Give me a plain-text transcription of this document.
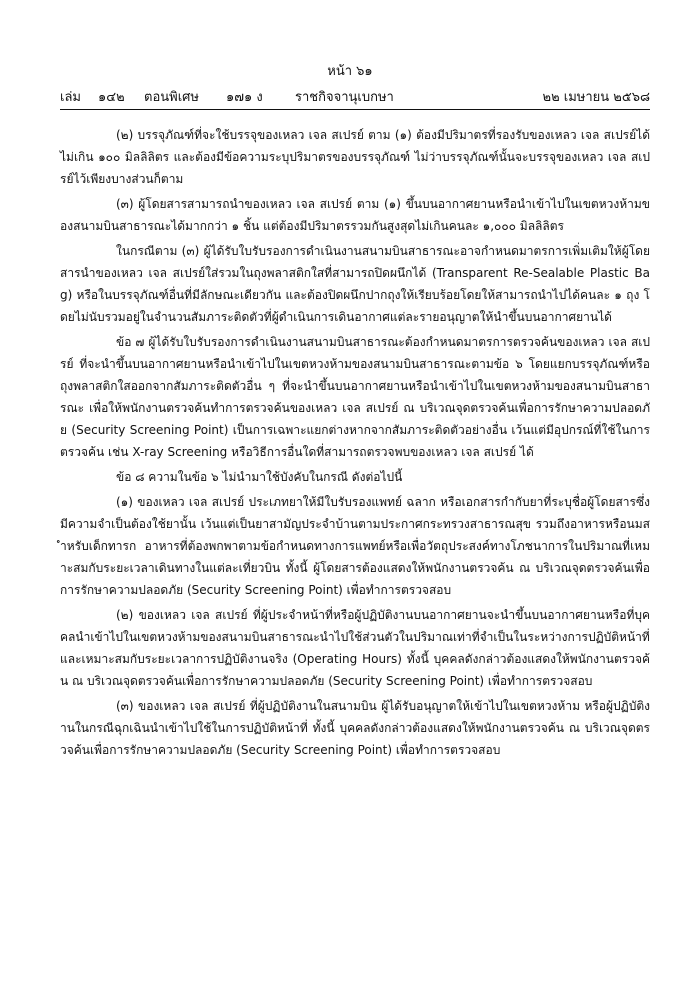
หน้า ๖๑
เล่ม ๑๔๒ ตอนพิเศษ ๑๗๑ ง ราชกิจจานุเบกษา	๒๒ เมษายน ๒๕๖๘

(๒) บรรจุภัณฑ์ที่จะใช้บรรจุของเหลว เจล สเปรย์ ตาม (๑) ต้องมีปริมาตรที่รองรับของเหลว เจล สเปรย์ได้ไม่เกิน ๑๐๐ มิลลิลิตร และต้องมีข้อความระบุปริมาตรของบรรจุภัณฑ์ ไม่ว่าบรรจุภัณฑ์นั้นจะบรรจุของเหลว เจล สเปรย์ไว้เพียงบางส่วนก็ตาม

(๓) ผู้โดยสารสามารถนำของเหลว เจล สเปรย์ ตาม (๑) ขึ้นบนอากาศยานหรือนำเข้าไปในเขตหวงห้ามของสนามบินสาธารณะได้มากกว่า ๑ ชิ้น แต่ต้องมีปริมาตรรวมกันสูงสุดไม่เกินคนละ ๑,๐๐๐ มิลลิลิตร

ในกรณีตาม (๓) ผู้ได้รับใบรับรองการดำเนินงานสนามบินสาธารณะอาจกำหนดมาตรการเพิ่มเติมให้ผู้โดยสารนำของเหลว เจล สเปรย์ใส่รวมในถุงพลาสติกใสที่สามารถปิดผนึกได้ (Transparent Re-Sealable Plastic Bag) หรือในบรรจุภัณฑ์อื่นที่มีลักษณะเดียวกัน และต้องปิดผนึกปากถุงให้เรียบร้อยโดยให้สามารถนำไปได้คนละ ๑ ถุง โดยไม่นับรวมอยู่ในจำนวนสัมภาระติดตัวที่ผู้ดำเนินการเดินอากาศแต่ละรายอนุญาตให้นำขึ้นบนอากาศยานได้

ข้อ ๗ ผู้ได้รับใบรับรองการดำเนินงานสนามบินสาธารณะต้องกำหนดมาตรการตรวจค้นของเหลว เจล สเปรย์ ที่จะนำขึ้นบนอากาศยานหรือนำเข้าไปในเขตหวงห้ามของสนามบินสาธารณะตามข้อ ๖ โดยแยกบรรจุภัณฑ์หรือถุงพลาสติกใสออกจากสัมภาระติดตัวอื่น ๆ ที่จะนำขึ้นบนอากาศยานหรือนำเข้าไปในเขตหวงห้ามของสนามบินสาธารณะ เพื่อให้พนักงานตรวจค้นทำการตรวจค้นของเหลว เจล สเปรย์ ณ บริเวณจุดตรวจค้นเพื่อการรักษาความปลอดภัย (Security Screening Point) เป็นการเฉพาะแยกต่างหากจากสัมภาระติดตัวอย่างอื่น เว้นแต่มีอุปกรณ์ที่ใช้ในการตรวจค้น เช่น X-ray Screening หรือวิธีการอื่นใดที่สามารถตรวจพบของเหลว เจล สเปรย์ ได้

ข้อ ๘ ความในข้อ ๖ ไม่นำมาใช้บังคับในกรณี ดังต่อไปนี้

(๑) ของเหลว เจล สเปรย์ ประเภทยาให้มีใบรับรองแพทย์ ฉลาก หรือเอกสารกำกับยาที่ระบุชื่อผู้โดยสารซึ่งมีความจำเป็นต้องใช้ยานั้น เว้นแต่เป็นยาสามัญประจำบ้านตามประกาศกระทรวงสาธารณสุข รวมถึงอาหารหรือนมสำหรับเด็กทารก อาหารที่ต้องพกพาตามข้อกำหนดทางการแพทย์หรือเพื่อวัตถุประสงค์ทางโภชนาการในปริมาณที่เหมาะสมกับระยะเวลาเดินทางในแต่ละเที่ยวบิน ทั้งนี้ ผู้โดยสารต้องแสดงให้พนักงานตรวจค้น ณ บริเวณจุดตรวจค้นเพื่อการรักษาความปลอดภัย (Security Screening Point) เพื่อทำการตรวจสอบ

(๒) ของเหลว เจล สเปรย์ ที่ผู้ประจำหน้าที่หรือผู้ปฏิบัติงานบนอากาศยานจะนำขึ้นบนอากาศยานหรือที่บุคคลนำเข้าไปในเขตหวงห้ามของสนามบินสาธารณะนำไปใช้ส่วนตัวในปริมาณเท่าที่จำเป็นในระหว่างการปฏิบัติหน้าที่และเหมาะสมกับระยะเวลาการปฏิบัติงานจริง (Operating Hours) ทั้งนี้ บุคคลดังกล่าวต้องแสดงให้พนักงานตรวจค้น ณ บริเวณจุดตรวจค้นเพื่อการรักษาความปลอดภัย (Security Screening Point) เพื่อทำการตรวจสอบ

(๓) ของเหลว เจล สเปรย์ ที่ผู้ปฏิบัติงานในสนามบิน ผู้ได้รับอนุญาตให้เข้าไปในเขตหวงห้าม หรือผู้ปฏิบัติงานในกรณีฉุกเฉินนำเข้าไปใช้ในการปฏิบัติหน้าที่ ทั้งนี้ บุคคลดังกล่าวต้องแสดงให้พนักงานตรวจค้น ณ บริเวณจุดตรวจค้นเพื่อการรักษาความปลอดภัย (Security Screening Point) เพื่อทำการตรวจสอบ
